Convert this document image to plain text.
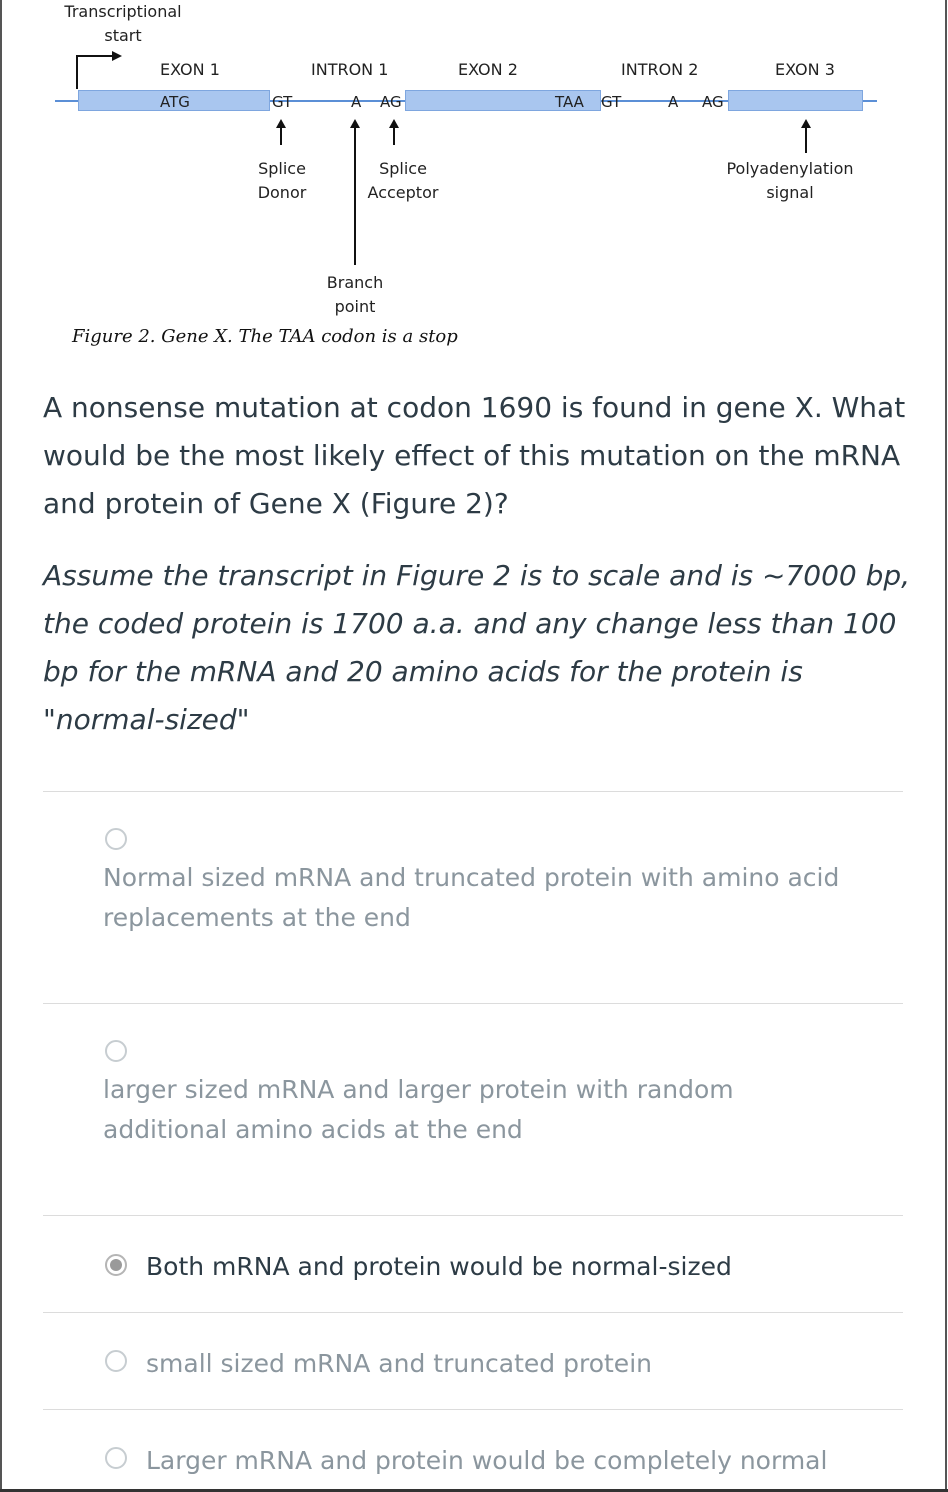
Transcriptional
start
EXON 1	INTRON 1	EXON 2	INTRON 2	EXON 3
ATG	GT	A AG	TAA GT	A AG
Splice
Donor
Splice
Acceptor
Polyadenylation
signal
Branch
point
Figure 2. Gene X. The TAA codon is a stop

A nonsense mutation at codon 1690 is found in gene X. What would be the most likely effect of this mutation on the mRNA and protein of Gene X (Figure 2)?

Assume the transcript in Figure 2 is to scale and is ~7000 bp, the coded protein is 1700 a.a. and any change less than 100 bp for the mRNA and 20 amino acids for the protein is "normal-sized"

Normal sized mRNA and truncated protein with amino acid replacements at the end
larger sized mRNA and larger protein with random additional amino acids at the end
Both mRNA and protein would be normal-sized
small sized mRNA and truncated protein
Larger mRNA and protein would be completely normal
